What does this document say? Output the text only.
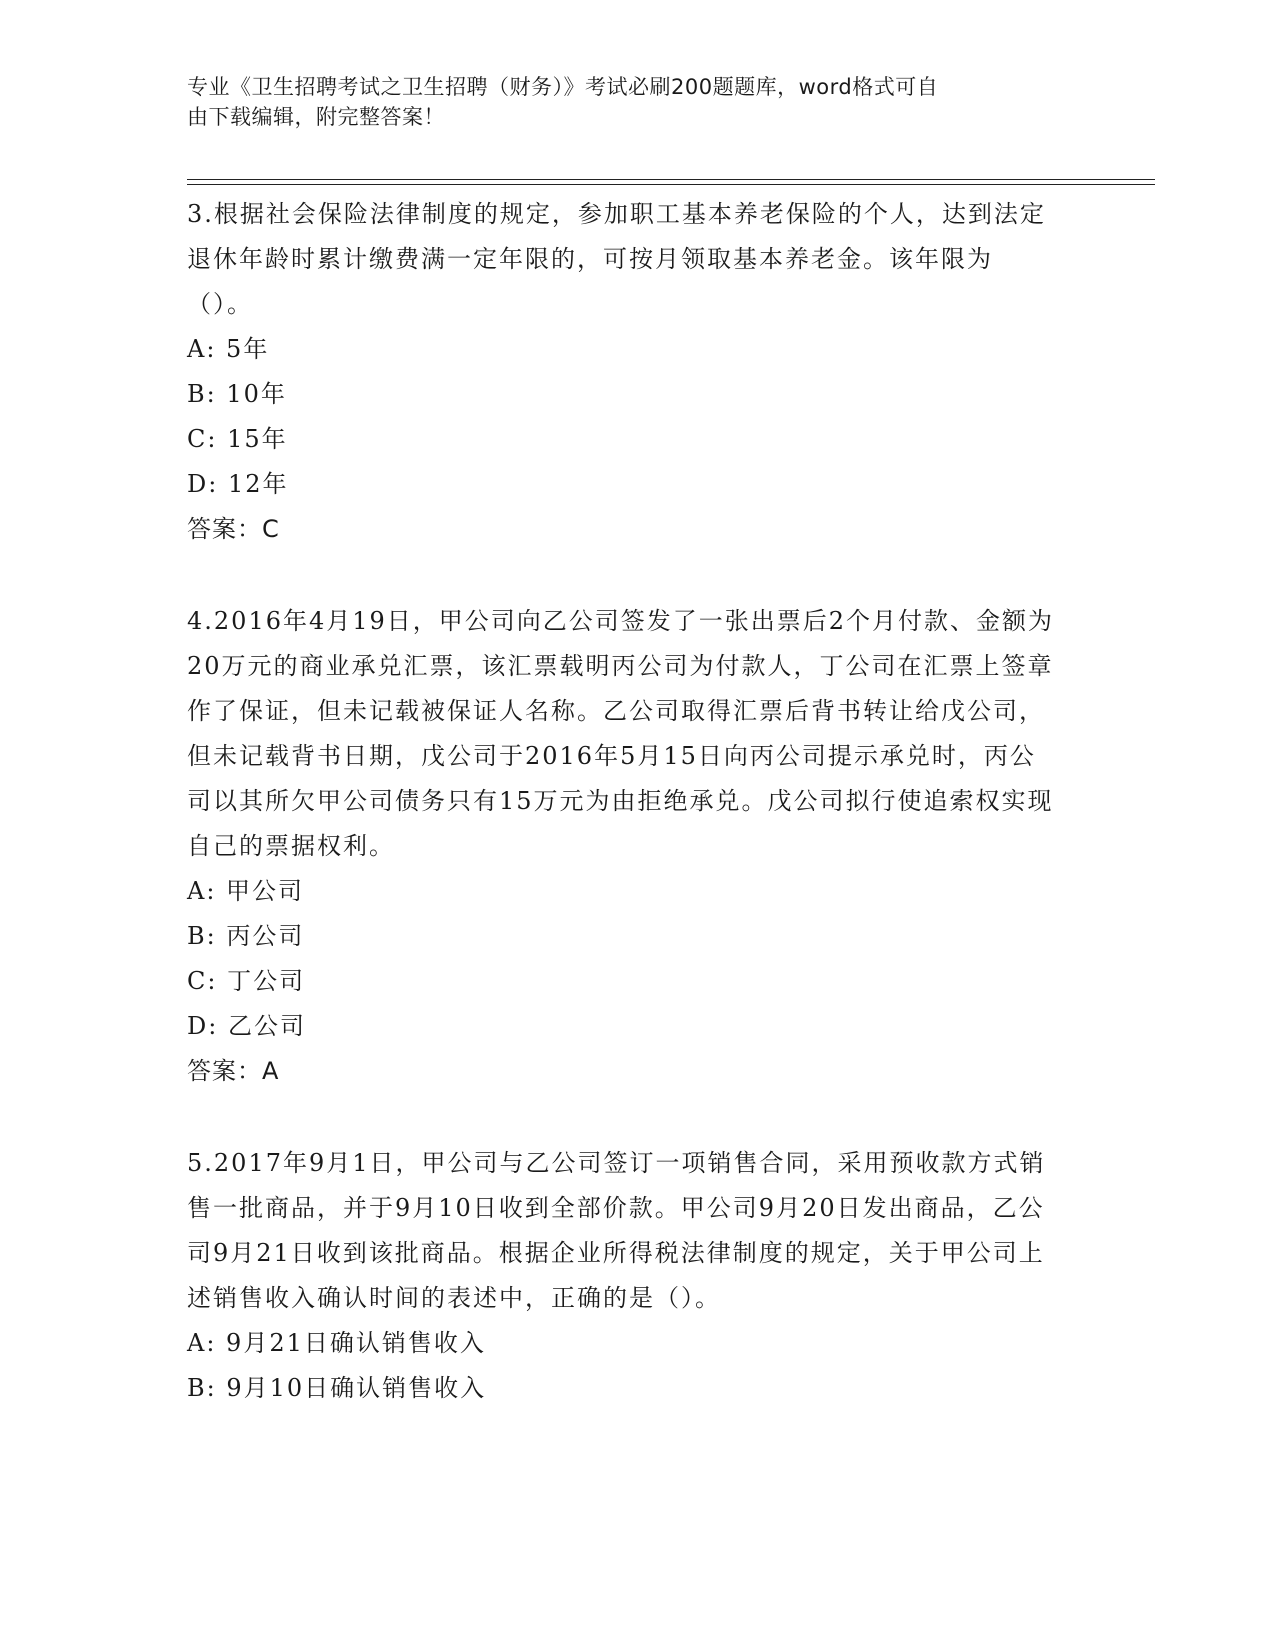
专业《卫生招聘考试之卫生招聘（财务）》考试必刷200题题库，word格式可自
由下载编辑，附完整答案！

3.根据社会保险法律制度的规定，参加职工基本养老保险的个人，达到法定退休年龄时累计缴费满一定年限的，可按月领取基本养老金。该年限为（）。

A: 5年
B: 10年
C: 15年
D: 12年

答案：C

4.2016年4月19日，甲公司向乙公司签发了一张出票后2个月付款、金额为20万元的商业承兑汇票，该汇票载明丙公司为付款人，丁公司在汇票上签章作了保证，但未记载被保证人名称。乙公司取得汇票后背书转让给戊公司，但未记载背书日期，戊公司于2016年5月15日向丙公司提示承兑时，丙公司以其所欠甲公司债务只有15万元为由拒绝承兑。戊公司拟行使追索权实现自己的票据权利。

A: 甲公司
B: 丙公司
C: 丁公司
D: 乙公司

答案：A

5.2017年9月1日，甲公司与乙公司签订一项销售合同，采用预收款方式销售一批商品，并于9月10日收到全部价款。甲公司9月20日发出商品，乙公司9月21日收到该批商品。根据企业所得税法律制度的规定，关于甲公司上述销售收入确认时间的表述中，正确的是（）。

A: 9月21日确认销售收入
B: 9月10日确认销售收入
